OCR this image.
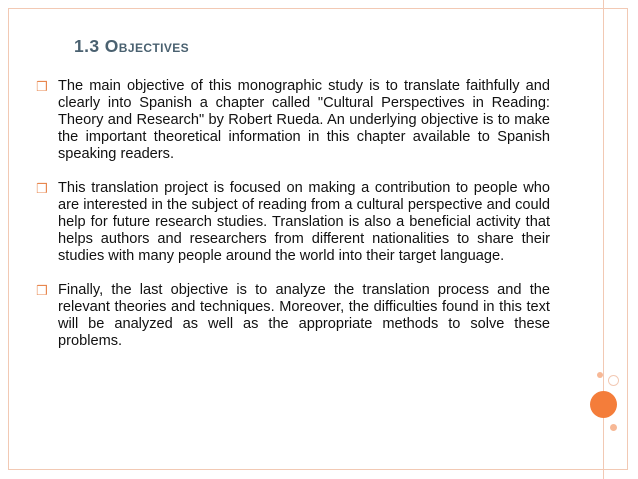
1.3 Objectives
❒ The main objective of this monographic study is to translate faithfully and clearly into Spanish a chapter called "Cultural Perspectives in Reading: Theory and Research" by Robert Rueda. An underlying objective is to make the important theoretical information in this chapter available to Spanish speaking readers.
❒ This translation project is focused on making a contribution to people who are interested in the subject of reading from a cultural perspective and could help for future research studies. Translation is also a beneficial activity that helps authors and researchers from different nationalities to share their studies with many people around the world into their target language.
❒ Finally, the last objective is to analyze the translation process and the relevant theories and techniques. Moreover, the difficulties found in this text will be analyzed as well as the appropriate methods to solve these problems.
